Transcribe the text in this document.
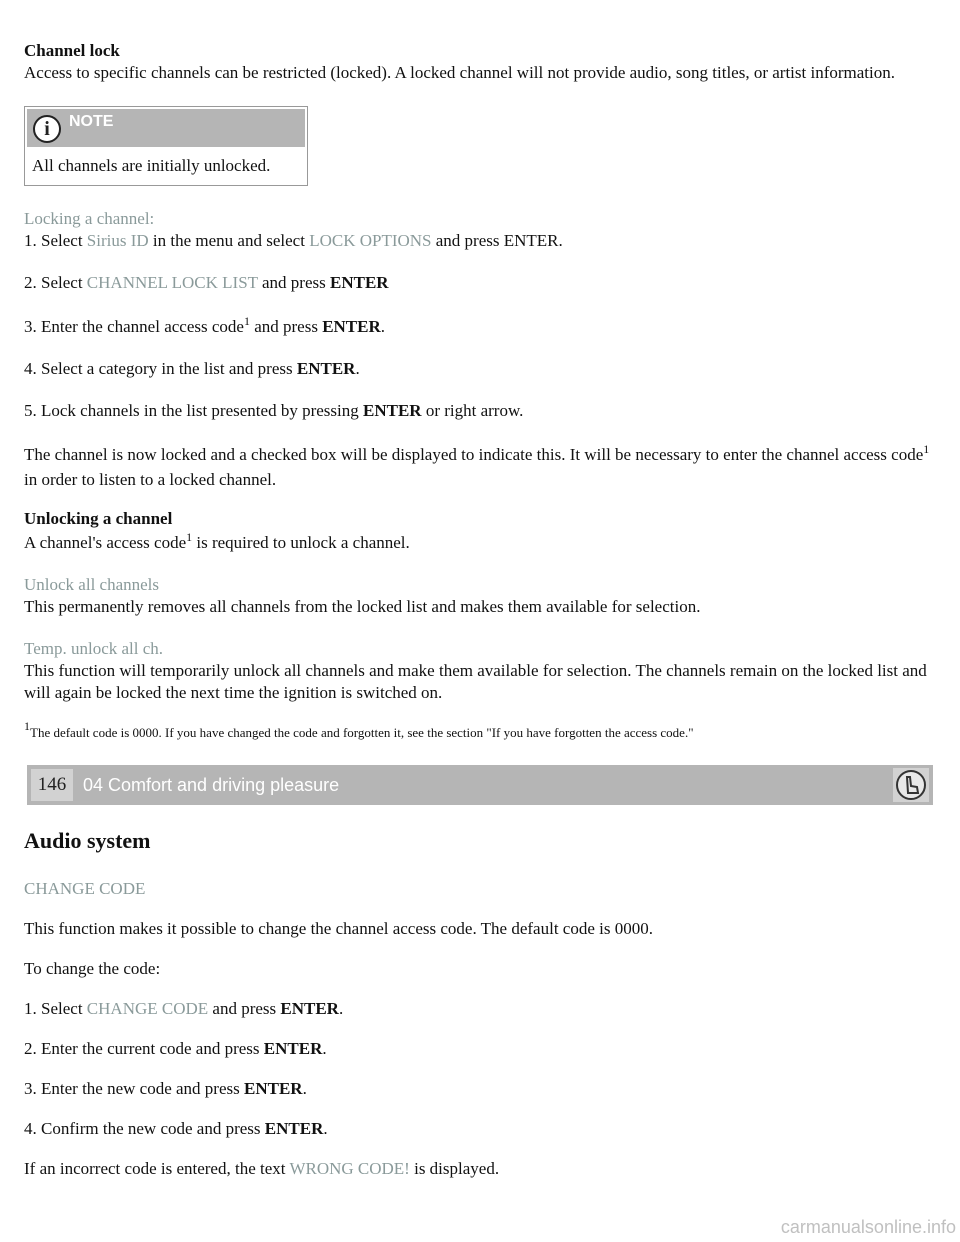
Channel lock

Access to specific channels can be restricted (locked). A locked channel will not provide audio, song titles, or artist information.

i	NOTE
All channels are initially unlocked.

Locking a channel:

1. Select Sirius ID in the menu and select LOCK OPTIONS and press ENTER.

2. Select CHANNEL LOCK LIST and press ENTER

3. Enter the channel access code$^1$ and press ENTER.

4. Select a category in the list and press ENTER.

5. Lock channels in the list presented by pressing ENTER or right arrow.

The channel is now locked and a checked box will be displayed to indicate this. It will be necessary to enter the channel access code$^1$ in order to listen to a locked channel.

Unlocking a channel

A channel's access code$^1$ is required to unlock a channel.

Unlock all channels

This permanently removes all channels from the locked list and makes them available for selection.

Temp. unlock all ch.

This function will temporarily unlock all channels and make them available for selection. The channels remain on the locked list and will again be locked the next time the ignition is switched on.

$^1$The default code is 0000. If you have changed the code and forgotten it, see the section "If you have forgotten the access code."

146 04 Comfort and driving pleasure

Audio system

CHANGE CODE

This function makes it possible to change the channel access code. The default code is 0000.

To change the code:

1. Select CHANGE CODE and press ENTER.

2. Enter the current code and press ENTER.

3. Enter the new code and press ENTER.

4. Confirm the new code and press ENTER.

If an incorrect code is entered, the text WRONG CODE! is displayed.

carmanualsonline.info
